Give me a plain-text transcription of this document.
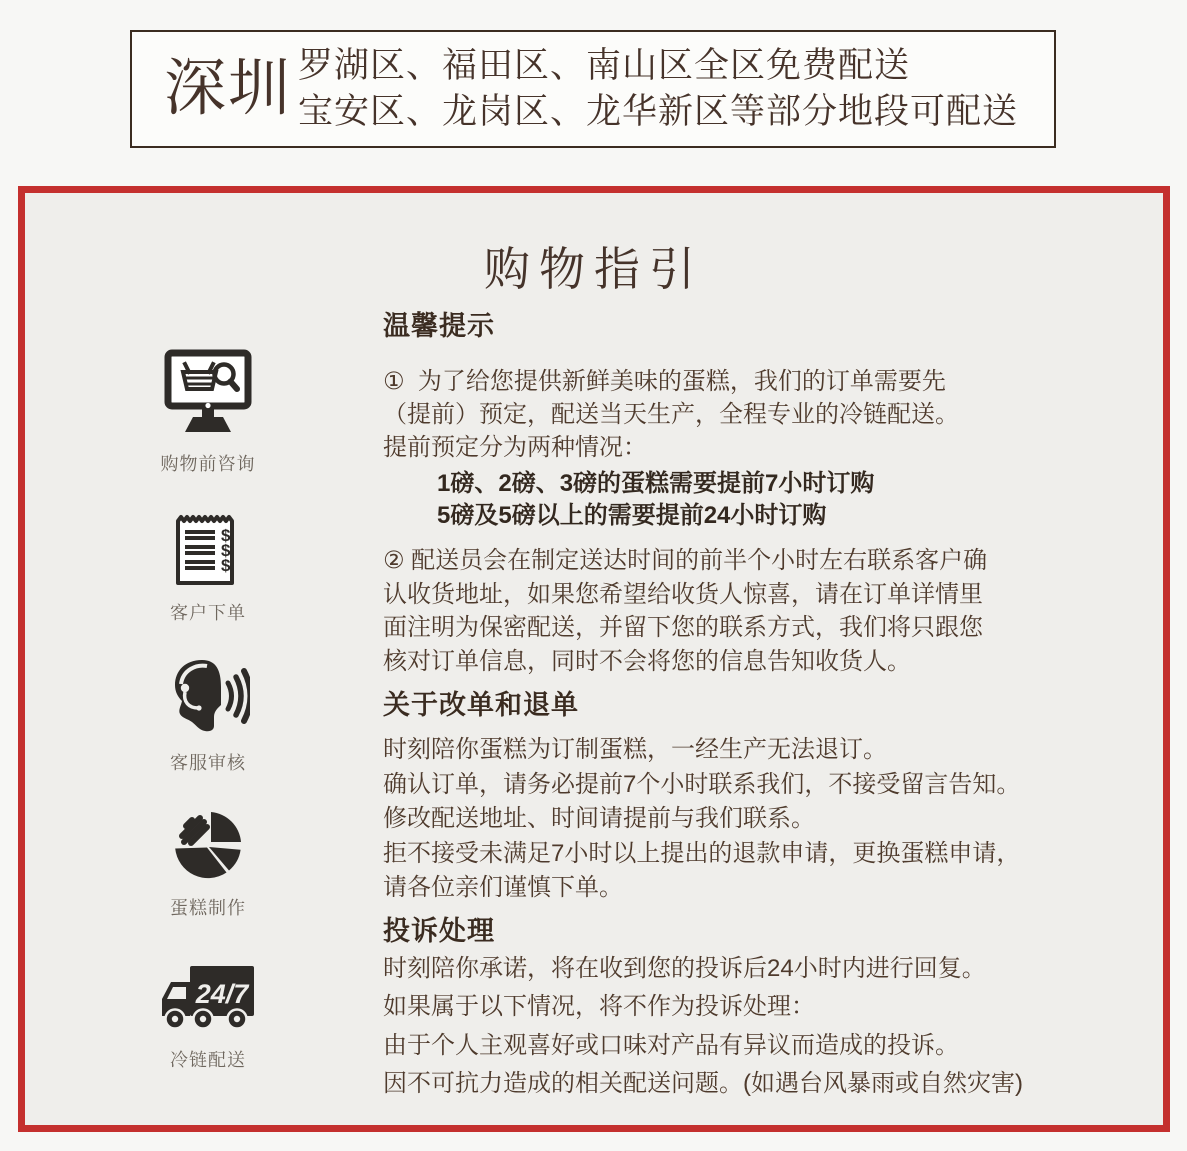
深圳 罗湖区、福田区、南山区全区免费配送
宝安区、龙岗区、龙华新区等部分地段可配送
购物指引
购物前咨询
$
$
$
客户下单
客服审核
蛋糕制作
24/7
冷链配送
温馨提示
①  为了给您提供新鲜美味的蛋糕，我们的订单需要先
（提前）预定，配送当天生产，全程专业的冷链配送。
提前预定分为两种情况：
1磅、2磅、3磅的蛋糕需要提前7小时订购
5磅及5磅以上的需要提前24小时订购
② 配送员会在制定送达时间的前半个小时左右联系客户确
认收货地址，如果您希望给收货人惊喜，请在订单详情里
面注明为保密配送，并留下您的联系方式，我们将只跟您
核对订单信息，同时不会将您的信息告知收货人。
关于改单和退单
时刻陪你蛋糕为订制蛋糕，一经生产无法退订。
确认订单，请务必提前7个小时联系我们，不接受留言告知。
修改配送地址、时间请提前与我们联系。
拒不接受未满足7小时以上提出的退款申请，更换蛋糕申请，
请各位亲们谨慎下单。
投诉处理
时刻陪你承诺，将在收到您的投诉后24小时内进行回复。
如果属于以下情况，将不作为投诉处理：
由于个人主观喜好或口味对产品有异议而造成的投诉。
因不可抗力造成的相关配送问题。(如遇台风暴雨或自然灾害)
